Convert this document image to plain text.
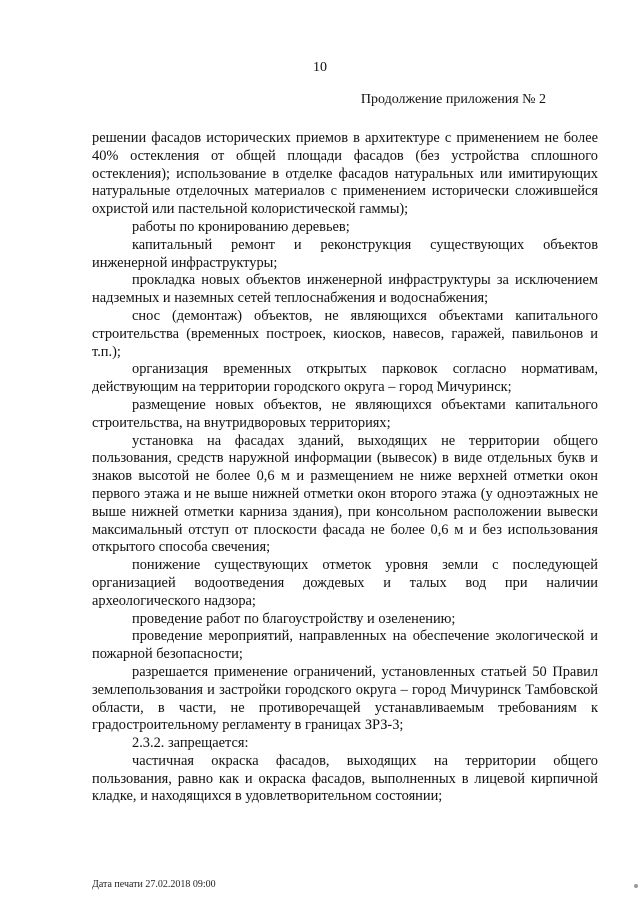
10
Продолжение приложения № 2

решении фасадов исторических приемов в архитектуре с применением не более 40% остекления от общей площади фасадов (без устройства сплошного остекления); использование в отделке фасадов натуральных или имитирующих натуральные отделочных материалов с применением исторически сложившейся охристой или пастельной колористической гаммы);

работы по кронированию деревьев;

капитальный ремонт и реконструкция существующих объектов инженерной инфраструктуры;

прокладка новых объектов инженерной инфраструктуры за исключением надземных и наземных сетей теплоснабжения и водоснабжения;

снос (демонтаж) объектов, не являющихся объектами капитального строительства (временных построек, киосков, навесов, гаражей, павильонов и т.п.);

организация временных открытых парковок согласно нормативам, действующим на территории городского округа – город Мичуринск;

размещение новых объектов, не являющихся объектами капитального строительства, на внутридворовых территориях;

установка на фасадах зданий, выходящих не территории общего пользования, средств наружной информации (вывесок) в виде отдельных букв и знаков высотой не более 0,6 м и размещением не ниже верхней отметки окон первого этажа и не выше нижней отметки окон второго этажа (у одноэтажных не выше нижней отметки карниза здания), при консольном расположении вывески максимальный отступ от плоскости фасада не более 0,6 м и без использования открытого способа свечения;

понижение существующих отметок уровня земли с последующей организацией водоотведения дождевых и талых вод при наличии археологического надзора;

проведение работ по благоустройству и озеленению;

проведение мероприятий, направленных на обеспечение экологической и пожарной безопасности;

разрешается применение ограничений, установленных статьей 50 Правил землепользования и застройки городского округа – город Мичуринск Тамбовской области, в части, не противоречащей устанавливаемым требованиям к градостроительному регламенту в границах ЗРЗ-3;

2.3.2. запрещается:

частичная окраска фасадов, выходящих на территории общего пользования, равно как и окраска фасадов, выполненных в лицевой кирпичной кладке, и находящихся в удовлетворительном состоянии;

Дата печати 27.02.2018 09:00
